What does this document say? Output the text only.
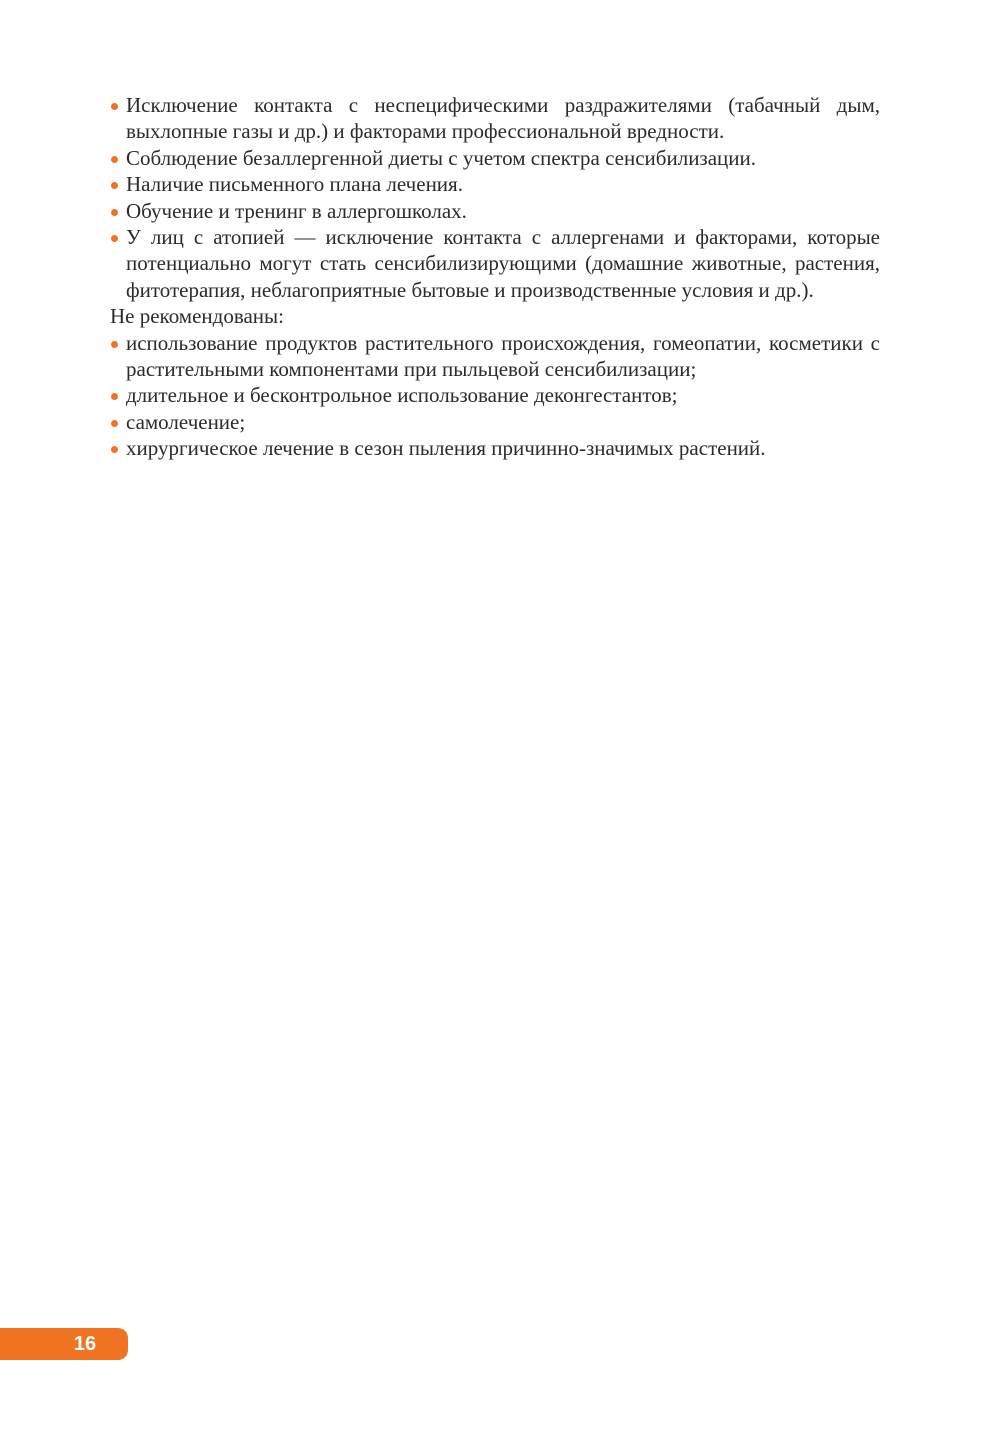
Исключение контакта с неспецифическими раздражителями (табачный дым, выхлопные газы и др.) и факторами профессиональной вредности.
Соблюдение безаллергенной диеты с учетом спектра сенсибилизации.
Наличие письменного плана лечения.
Обучение и тренинг в аллергошколах.
У лиц с атопией — исключение контакта с аллергенами и факторами, которые потенциально могут стать сенсибилизирующими (домашние животные, растения, фитотерапия, неблагоприятные бытовые и производственные условия и др.).

Не рекомендованы:

использование продуктов растительного происхождения, гомеопатии, косметики с растительными компонентами при пыльцевой сенсибилизации;
длительное и бесконтрольное использование деконгестантов;
самолечение;
хирургическое лечение в сезон пыления причинно-значимых растений.
16
